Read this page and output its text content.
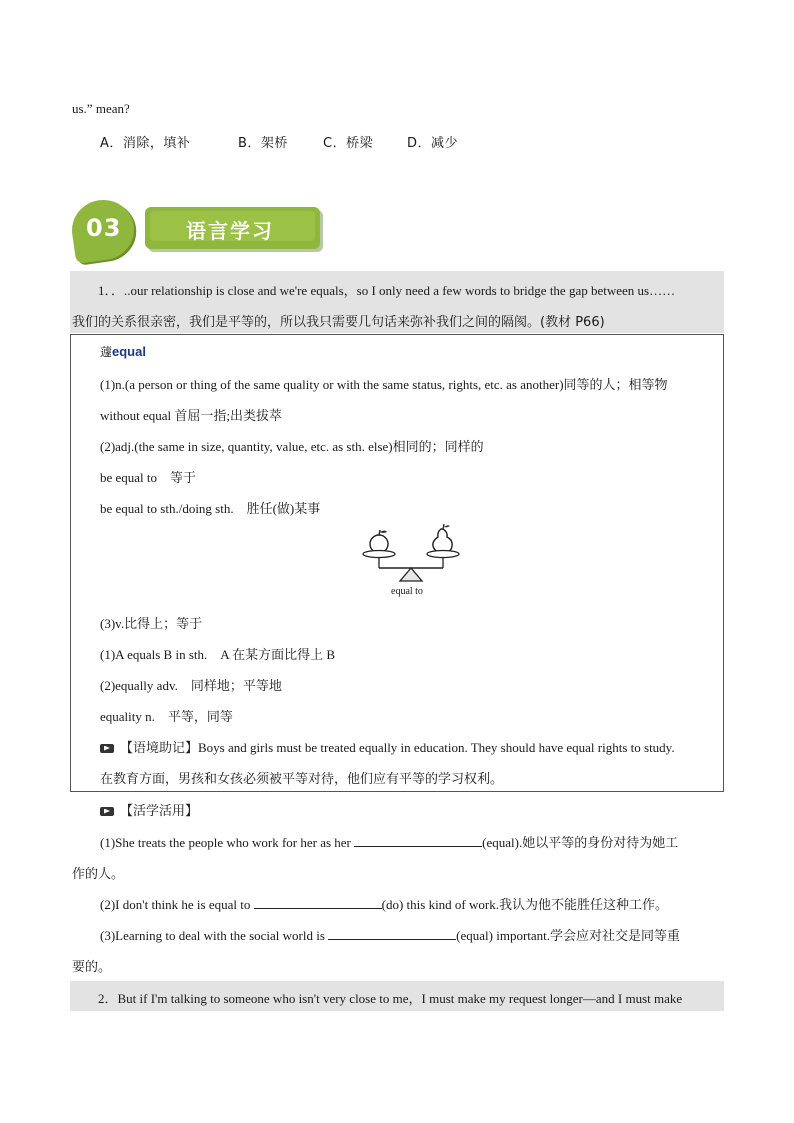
us.” mean?
A．消除，填补	B．架桥	C．桥梁	D．减少
03	语言学习
1．．..our relationship is close and we're equals，so I only need a few words to bridge the gap between us……
我们的关系很亲密，我们是平等的，所以我只需要几句话来弥补我们之间的隔阂。(教材 P66)
蘧equal
(1)n.(a person or thing of the same quality or with the same status, rights, etc. as another)同等的人；相等物
without equal 首屈一指;出类拔萃
(2)adj.(the same in size, quantity, value, etc. as sth. else)相同的；同样的
be equal to　等于
be equal to sth./doing sth.　胜任(做)某事
equal to
(3)v.比得上；等于
(1)A equals B in sth.　A 在某方面比得上 B
(2)equally adv.　同样地；平等地
equality n.　平等，同等
【语境助记】Boys and girls must be treated equally in education. They should have equal rights to study.
在教育方面，男孩和女孩必须被平等对待，他们应有平等的学习权利。
【活学活用】
(1)She treats the people who work for her as her	(equal).她以平等的身份对待为她工
作的人。
(2)I don't think he is equal to	(do) this kind of work.我认为他不能胜任这种工作。
(3)Learning to deal with the social world is	(equal) important.学会应对社交是同等重
要的。
2．But if I'm talking to someone who isn't very close to me，I must make my request longer—and I must make
